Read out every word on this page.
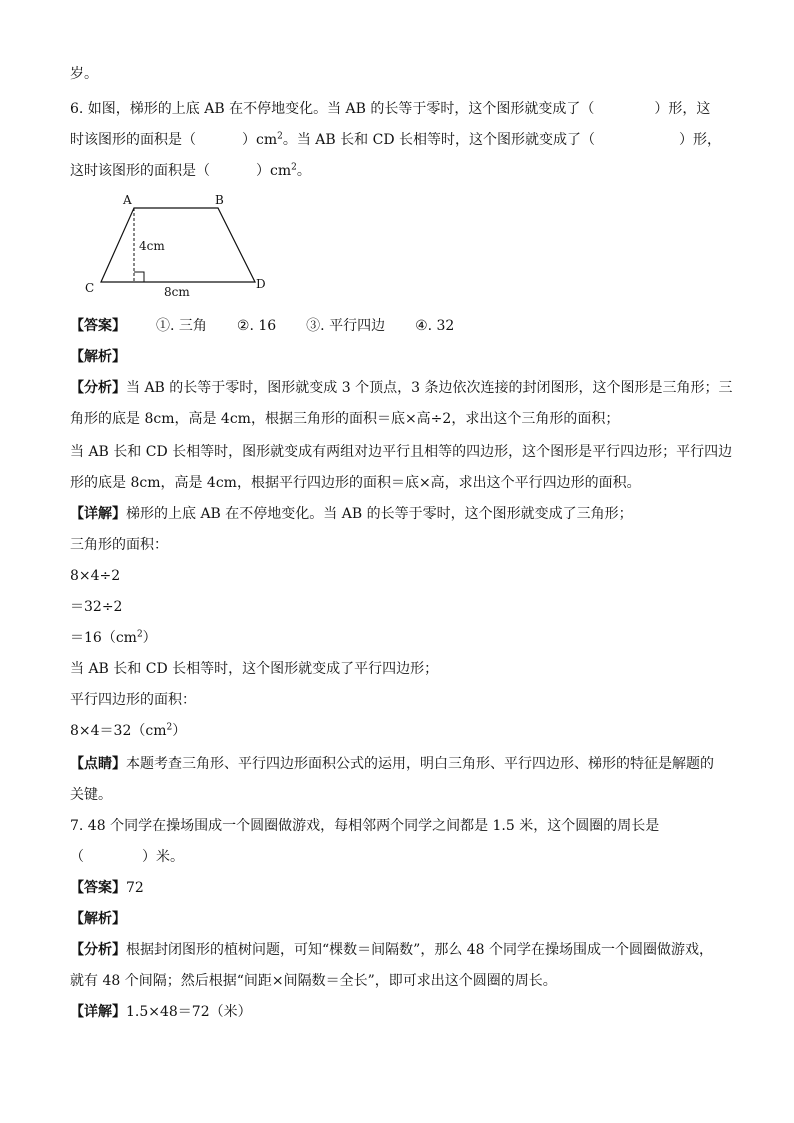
岁。
6. 如图，梯形的上底 AB 在不停地变化。当 AB 的长等于零时，这个图形就变成了（	）形，这
时该图形的面积是（	）$cm^2$。当 AB 长和 CD 长相等时，这个图形就变成了（	）形，
这时该图形的面积是（	）$cm^2$。
A	B
C	D
4cm
8cm
【答案】 ①. 三角 ②. 16 ③. 平行四边 ④. 32
【解析】
【分析】当 AB 的长等于零时，图形就变成 3 个顶点，3 条边依次连接的封闭图形，这个图形是三角形；三
角形的底是 8cm，高是 4cm，根据三角形的面积＝底×高÷2，求出这个三角形的面积；
当 AB 长和 CD 长相等时，图形就变成有两组对边平行且相等的四边形，这个图形是平行四边形；平行四边
形的底是 8cm，高是 4cm，根据平行四边形的面积＝底×高，求出这个平行四边形的面积。
【详解】梯形的上底 AB 在不停地变化。当 AB 的长等于零时，这个图形就变成了三角形；
三角形的面积：
8×4÷2
＝32÷2
$=16(cm^2)$
当 AB 长和 CD 长相等时，这个图形就变成了平行四边形；
平行四边形的面积：
$8\times 4=32(cm^2)$
【点睛】本题考查三角形、平行四边形面积公式的运用，明白三角形、平行四边形、梯形的特征是解题的
关键。
7. 48 个同学在操场围成一个圆圈做游戏，每相邻两个同学之间都是 1.5 米，这个圆圈的周长是
（	）米。
【答案】72
【解析】
【分析】根据封闭图形的植树问题，可知“棵数＝间隔数”，那么 48 个同学在操场围成一个圆圈做游戏，
就有 48 个间隔；然后根据“间距×间隔数＝全长”，即可求出这个圆圈的周长。
【详解】1.5×48＝72（米）
